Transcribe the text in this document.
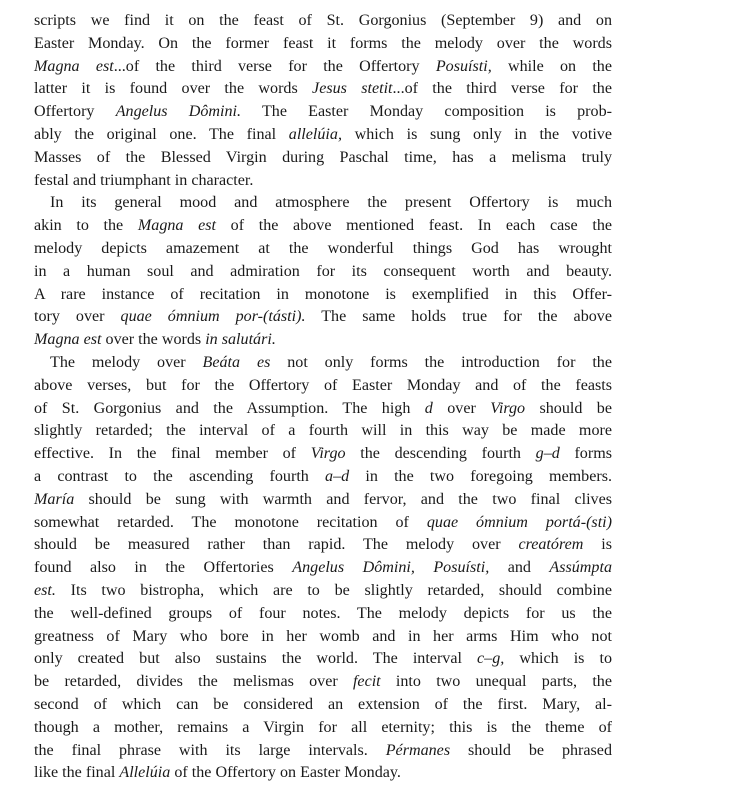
scripts we find it on the feast of St. Gorgonius (September 9) and on
Easter Monday. On the former feast it forms the melody over the words
Magna est...of the third verse for the Offertory Posuísti, while on the
latter it is found over the words Jesus stetit...of the third verse for the
Offertory Angelus Dômini. The Easter Monday composition is prob-
ably the original one. The final allelúia, which is sung only in the votive
Masses of the Blessed Virgin during Paschal time, has a melisma truly
festal and triumphant in character.
In its general mood and atmosphere the present Offertory is much
akin to the Magna est of the above mentioned feast. In each case the
melody depicts amazement at the wonderful things God has wrought
in a human soul and admiration for its consequent worth and beauty.
A rare instance of recitation in monotone is exemplified in this Offer-
tory over quae ómnium por-(tásti). The same holds true for the above
Magna est over the words in salutári.
The melody over Beáta es not only forms the introduction for the
above verses, but for the Offertory of Easter Monday and of the feasts
of St. Gorgonius and the Assumption. The high d over Virgo should be
slightly retarded; the interval of a fourth will in this way be made more
effective. In the final member of Virgo the descending fourth g–d forms
a contrast to the ascending fourth a–d in the two foregoing members.
María should be sung with warmth and fervor, and the two final clives
somewhat retarded. The monotone recitation of quae ómnium portá-(sti)
should be measured rather than rapid. The melody over creatórem is
found also in the Offertories Angelus Dômini, Posuísti, and Assúmpta
est. Its two bistropha, which are to be slightly retarded, should combine
the well-defined groups of four notes. The melody depicts for us the
greatness of Mary who bore in her womb and in her arms Him who not
only created but also sustains the world. The interval c–g, which is to
be retarded, divides the melismas over fecit into two unequal parts, the
second of which can be considered an extension of the first. Mary, al-
though a mother, remains a Virgin for all eternity; this is the theme of
the final phrase with its large intervals. Pérmanes should be phrased
like the final Allelúia of the Offertory on Easter Monday.
